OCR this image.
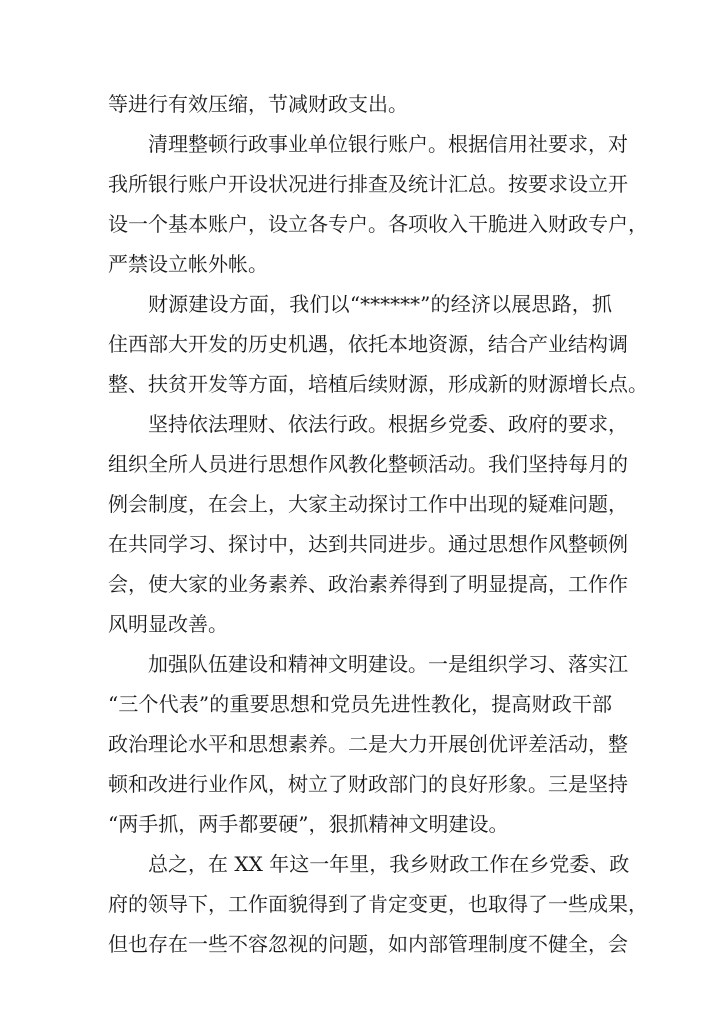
等进行有效压缩，节减财政支出。
清理整顿行政事业单位银行账户。根据信用社要求，对
我所银行账户开设状况进行排查及统计汇总。按要求设立开
设一个基本账户，设立各专户。各项收入干脆进入财政专户，
严禁设立帐外帐。
财源建设方面，我们以“******”的经济以展思路，抓
住西部大开发的历史机遇，依托本地资源，结合产业结构调
整、扶贫开发等方面，培植后续财源，形成新的财源增长点。
坚持依法理财、依法行政。根据乡党委、政府的要求，
组织全所人员进行思想作风教化整顿活动。我们坚持每月的
例会制度，在会上，大家主动探讨工作中出现的疑难问题，
在共同学习、探讨中，达到共同进步。通过思想作风整顿例
会，使大家的业务素养、政治素养得到了明显提高，工作作
风明显改善。
加强队伍建设和精神文明建设。一是组织学习、落实江
“三个代表”的重要思想和党员先进性教化，提高财政干部
政治理论水平和思想素养。二是大力开展创优评差活动，整
顿和改进行业作风，树立了财政部门的良好形象。三是坚持
“两手抓，两手都要硬”，狠抓精神文明建设。
总之，在 XX 年这一年里，我乡财政工作在乡党委、政
府的领导下，工作面貌得到了肯定变更，也取得了一些成果，
但也存在一些不容忽视的问题，如内部管理制度不健全，会
